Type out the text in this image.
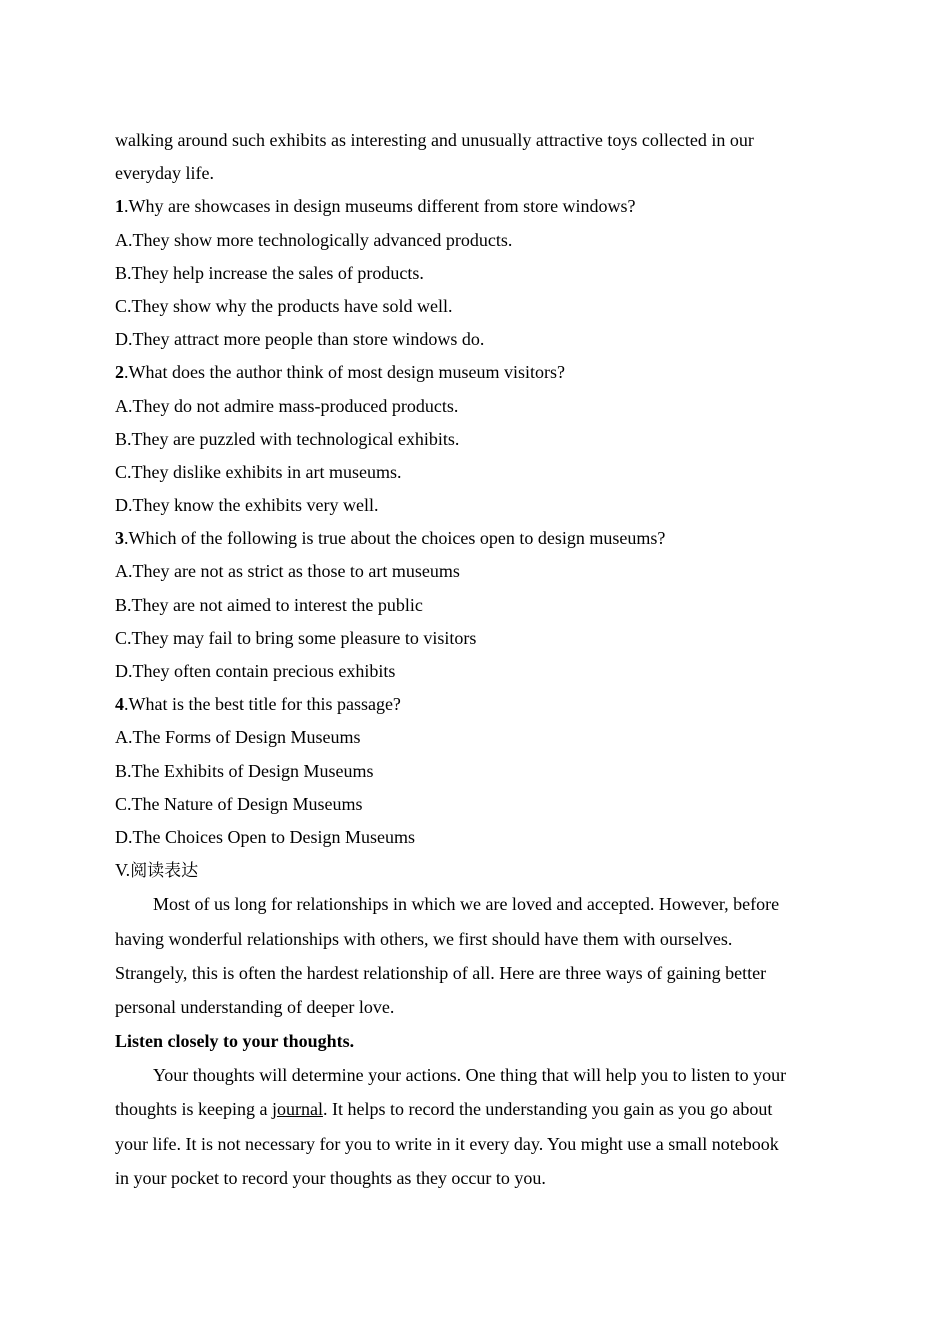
walking around such exhibits as interesting and unusually attractive toys collected in our
everyday life.
1.Why are showcases in design museums different from store windows?
A.They show more technologically advanced products.
B.They help increase the sales of products.
C.They show why the products have sold well.
D.They attract more people than store windows do.
2.What does the author think of most design museum visitors?
A.They do not admire mass-produced products.
B.They are puzzled with technological exhibits.
C.They dislike exhibits in art museums.
D.They know the exhibits very well.
3.Which of the following is true about the choices open to design museums?
A.They are not as strict as those to art museums
B.They are not aimed to interest the public
C.They may fail to bring some pleasure to visitors
D.They often contain precious exhibits
4.What is the best title for this passage?
A.The Forms of Design Museums
B.The Exhibits of Design Museums
C.The Nature of Design Museums
D.The Choices Open to Design Museums
V.阅读表达
Most of us long for relationships in which we are loved and accepted. However, before
having wonderful relationships with others, we first should have them with ourselves.
Strangely, this is often the hardest relationship of all. Here are three ways of gaining better
personal understanding of deeper love.
Listen closely to your thoughts.
Your thoughts will determine your actions. One thing that will help you to listen to your
thoughts is keeping a journal. It helps to record the understanding you gain as you go about
your life. It is not necessary for you to write in it every day. You might use a small notebook
in your pocket to record your thoughts as they occur to you.
